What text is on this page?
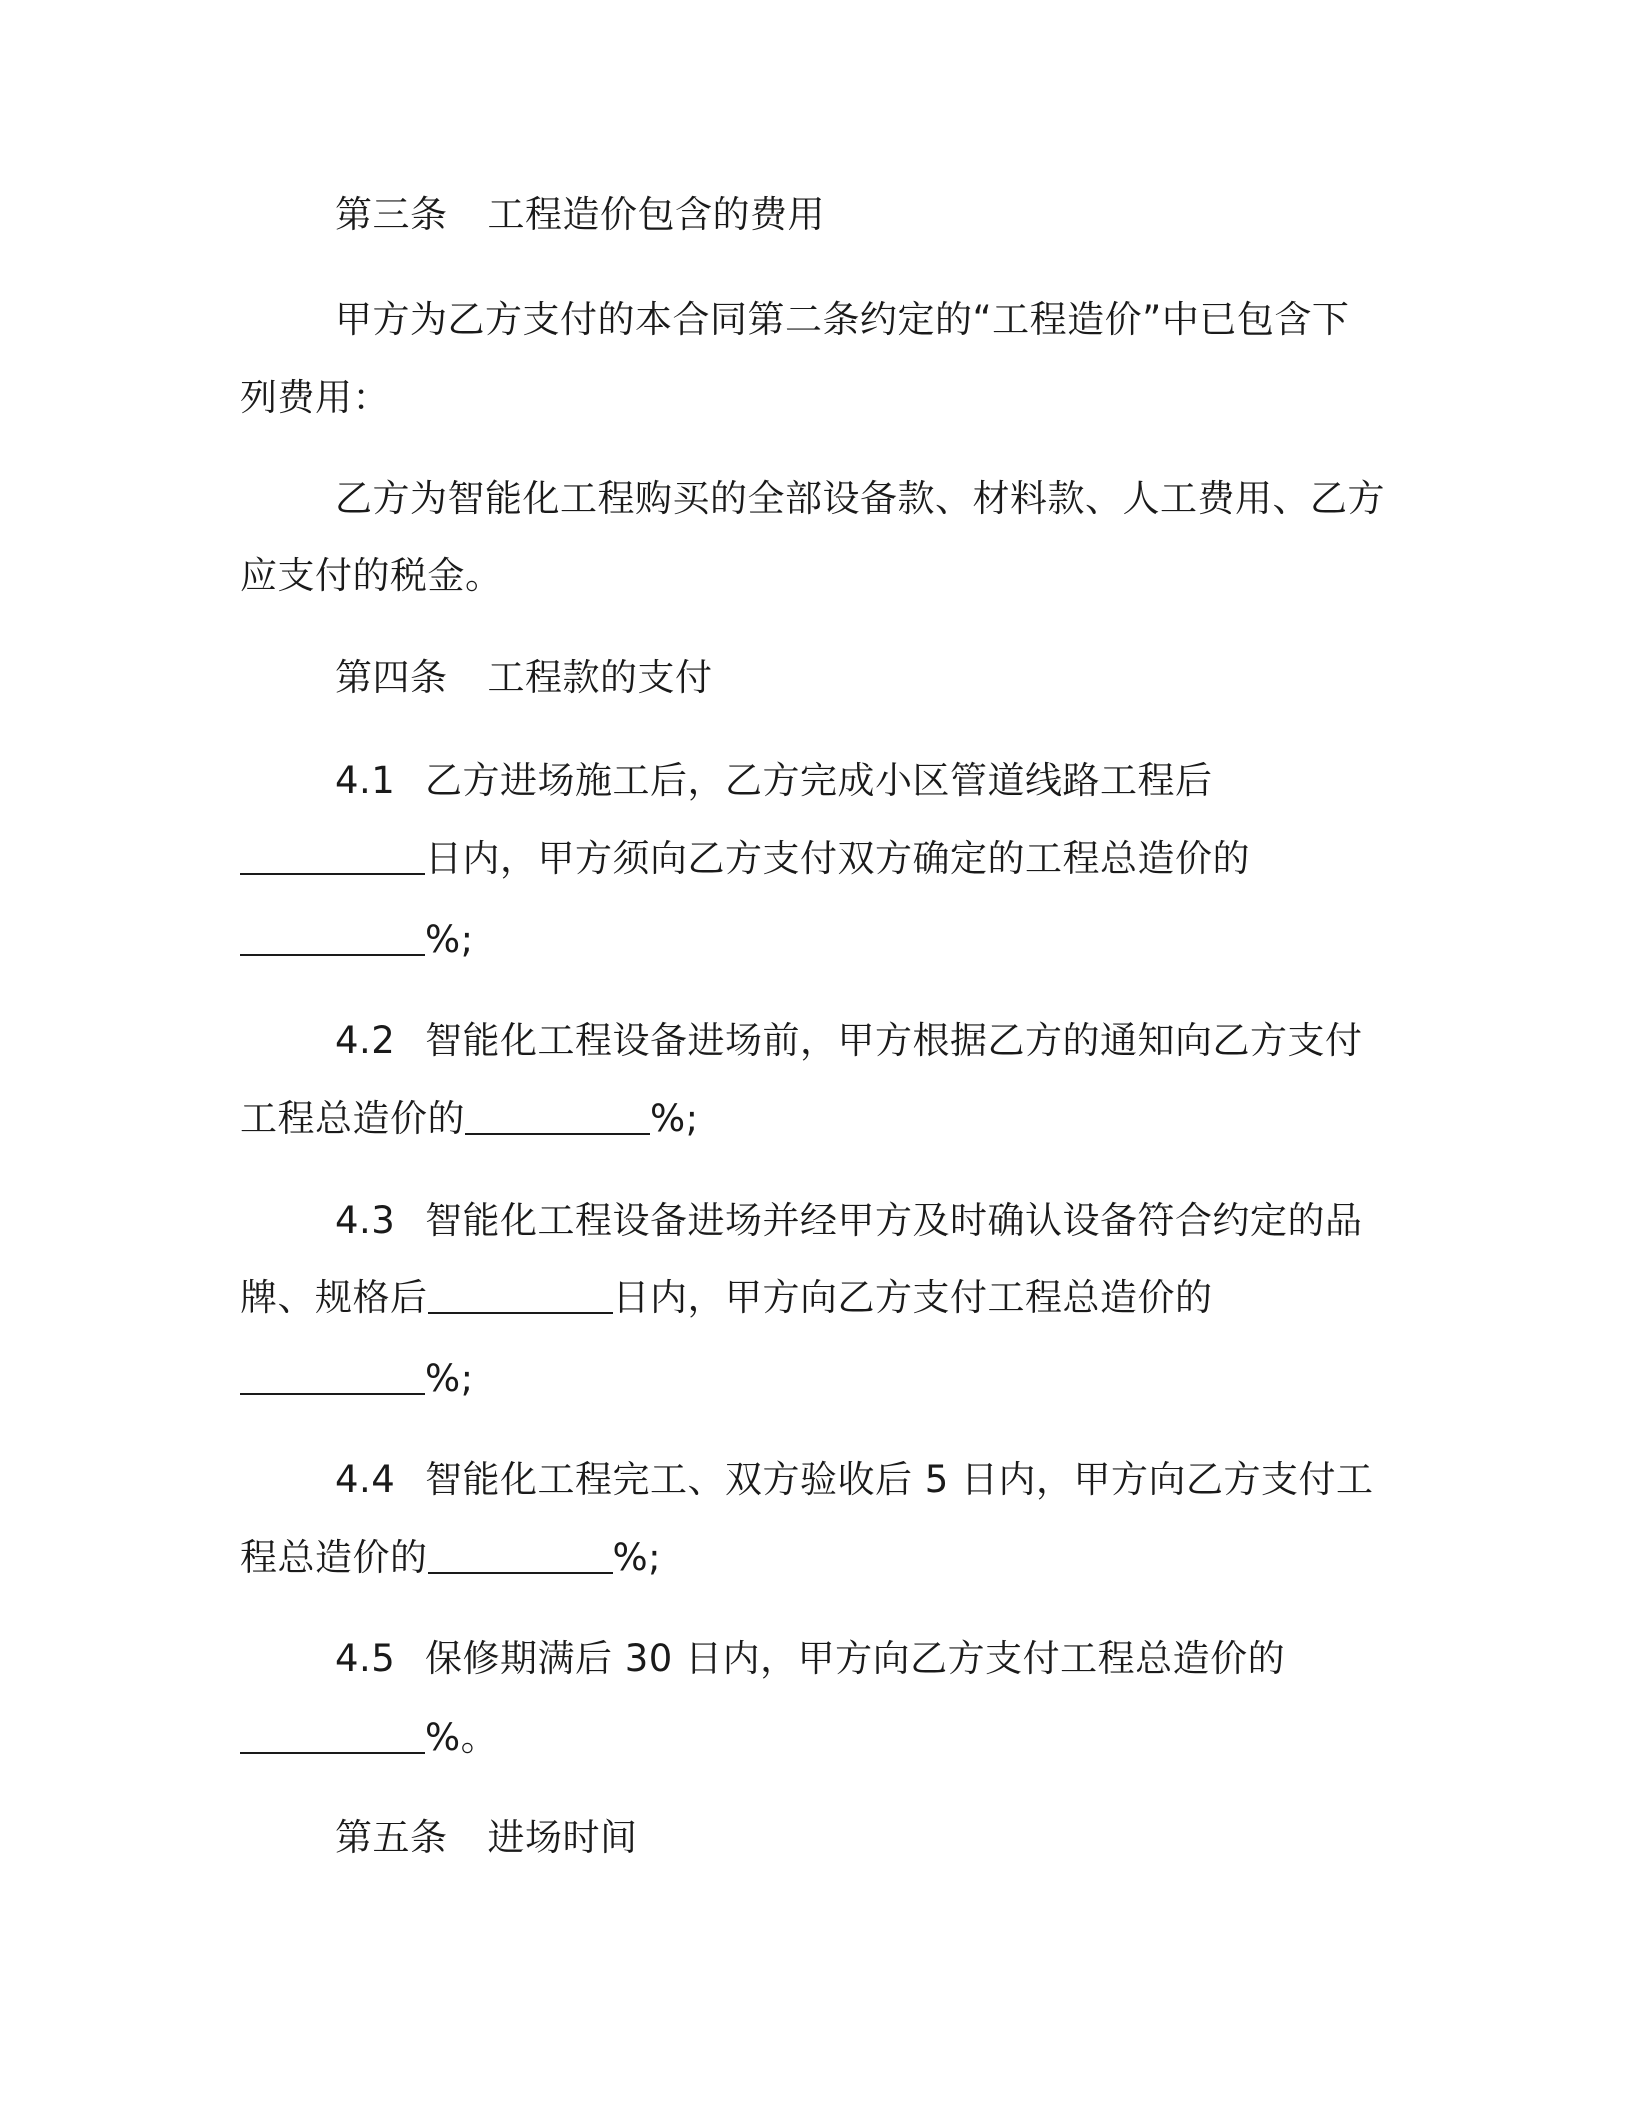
第三条 工程造价包含的费用
甲方为乙方支付的本合同第二条约定的“工程造价”中已包含下
列费用：
乙方为智能化工程购买的全部设备款、材料款、人工费用、乙方
应支付的税金。
第四条 工程款的支付
4.1 乙方进场施工后，乙方完成小区管道线路工程后
日内，甲方须向乙方支付双方确定的工程总造价的
%;
4.2 智能化工程设备进场前，甲方根据乙方的通知向乙方支付
工程总造价的	%;
4.3 智能化工程设备进场并经甲方及时确认设备符合约定的品
牌、规格后	日内，甲方向乙方支付工程总造价的
%;
4.4 智能化工程完工、双方验收后 5 日内，甲方向乙方支付工
程总造价的	%;
4.5 保修期满后 30 日内，甲方向乙方支付工程总造价的
%。
第五条 进场时间
